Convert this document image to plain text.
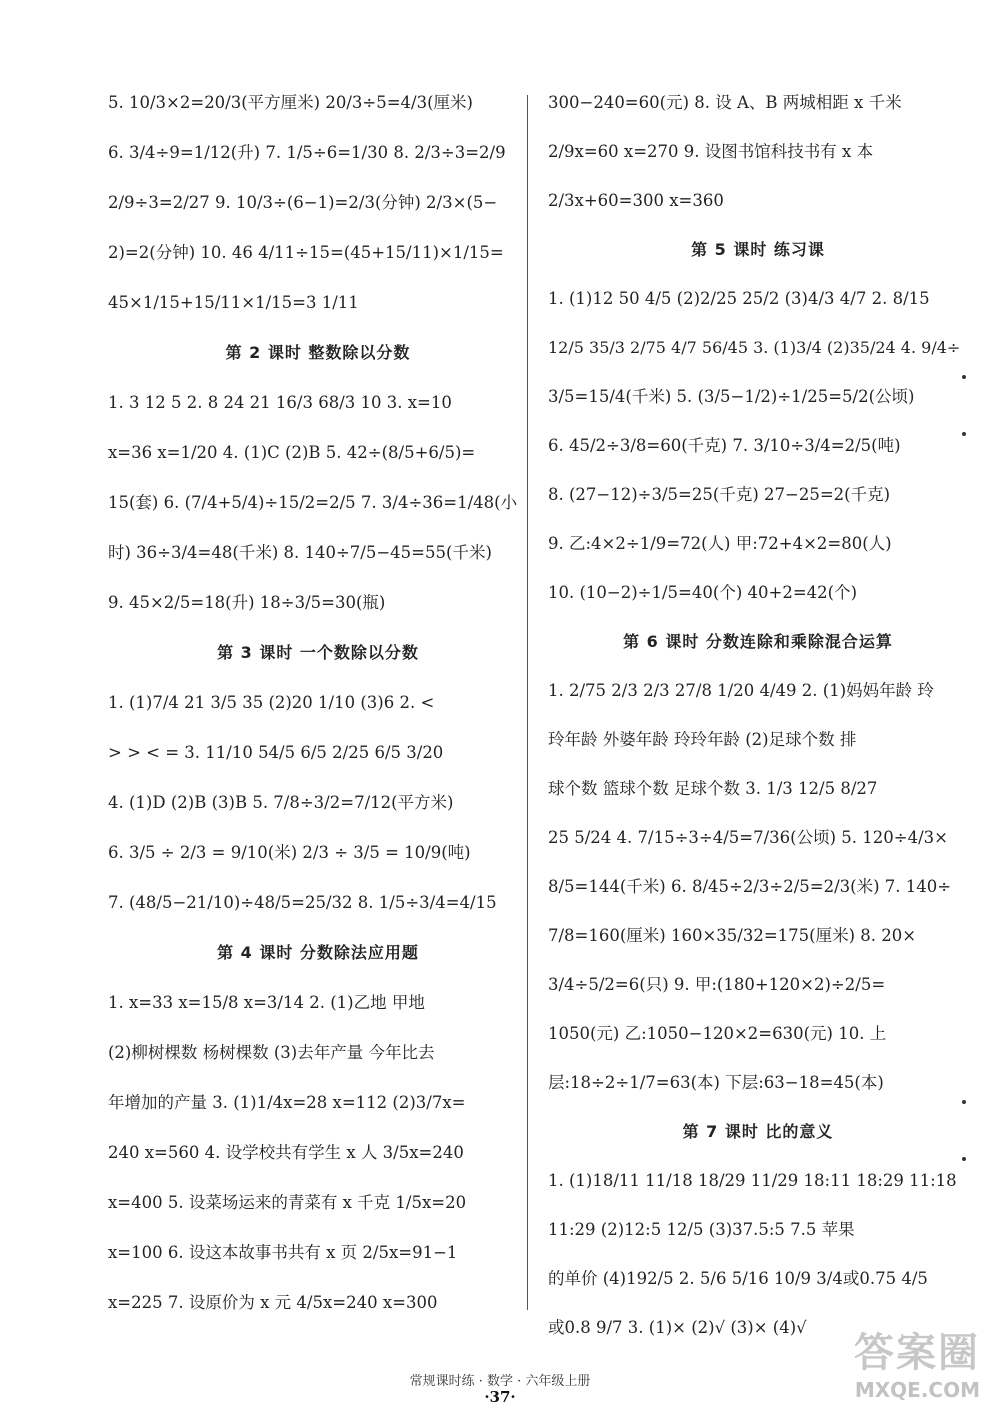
5. 10/3×2=20/3(平方厘米) 20/3÷5=4/3(厘米)
6. 3/4÷9=1/12(升) 7. 1/5÷6=1/30 8. 2/3÷3=2/9
2/9÷3=2/27 9. 10/3÷(6−1)=2/3(分钟) 2/3×(5−
2)=2(分钟) 10. 46 4/11÷15=(45+15/11)×1/15=
45×1/15+15/11×1/15=3 1/11
第 2 课时 整数除以分数
1. 3 12 5 2. 8 24 21 16/3 68/3 10 3. x=10
x=36 x=1/20 4. (1)C (2)B 5. 42÷(8/5+6/5)=
15(套) 6. (7/4+5/4)÷15/2=2/5 7. 3/4÷36=1/48(小
时) 36÷3/4=48(千米) 8. 140÷7/5−45=55(千米)
9. 45×2/5=18(升) 18÷3/5=30(瓶)
第 3 课时 一个数除以分数
1. (1)7/4 21 3/5 35 (2)20 1/10 (3)6 2. <
> > < = 3. 11/10 54/5 6/5 2/25 6/5 3/20
4. (1)D (2)B (3)B 5. 7/8÷3/2=7/12(平方米)
6. 3/5 ÷ 2/3 = 9/10(米) 2/3 ÷ 3/5 = 10/9(吨)
7. (48/5−21/10)÷48/5=25/32 8. 1/5÷3/4=4/15
第 4 课时 分数除法应用题
1. x=33 x=15/8 x=3/14 2. (1)乙地 甲地
(2)柳树棵数 杨树棵数 (3)去年产量 今年比去
年增加的产量 3. (1)1/4x=28 x=112 (2)3/7x=
240 x=560 4. 设学校共有学生 x 人 3/5x=240
x=400 5. 设菜场运来的青菜有 x 千克 1/5x=20
x=100 6. 设这本故事书共有 x 页 2/5x=91−1
x=225 7. 设原价为 x 元 4/5x=240 x=300
300−240=60(元) 8. 设 A、B 两城相距 x 千米
2/9x=60 x=270 9. 设图书馆科技书有 x 本
2/3x+60=300 x=360
第 5 课时 练习课
1. (1)12 50 4/5 (2)2/25 25/2 (3)4/3 4/7 2. 8/15
12/5 35/3 2/75 4/7 56/45 3. (1)3/4 (2)35/24 4. 9/4÷
3/5=15/4(千米) 5. (3/5−1/2)÷1/25=5/2(公顷)
6. 45/2÷3/8=60(千克) 7. 3/10÷3/4=2/5(吨)
8. (27−12)÷3/5=25(千克) 27−25=2(千克)
9. 乙:4×2÷1/9=72(人) 甲:72+4×2=80(人)
10. (10−2)÷1/5=40(个) 40+2=42(个)
第 6 课时 分数连除和乘除混合运算
1. 2/75 2/3 2/3 27/8 1/20 4/49 2. (1)妈妈年龄 玲
玲年龄 外婆年龄 玲玲年龄 (2)足球个数 排
球个数 篮球个数 足球个数 3. 1/3 12/5 8/27
25 5/24 4. 7/15÷3÷4/5=7/36(公顷) 5. 120÷4/3×
8/5=144(千米) 6. 8/45÷2/3÷2/5=2/3(米) 7. 140÷
7/8=160(厘米) 160×35/32=175(厘米) 8. 20×
3/4÷5/2=6(只) 9. 甲:(180+120×2)÷2/5=
1050(元) 乙:1050−120×2=630(元) 10. 上
层:18÷2÷1/7=63(本) 下层:63−18=45(本)
第 7 课时 比的意义
1. (1)18/11 11/18 18/29 11/29 18:11 18:29 11:18
11:29 (2)12:5 12/5 (3)37.5:5 7.5 苹果
的单价 (4)192/5 2. 5/6 5/16 10/9 3/4或0.75 4/5
或0.8 9/7 3. (1)× (2)√ (3)× (4)√
常规课时练 · 数学 · 六年级上册
·37·
答案圈
MXQE.COM
